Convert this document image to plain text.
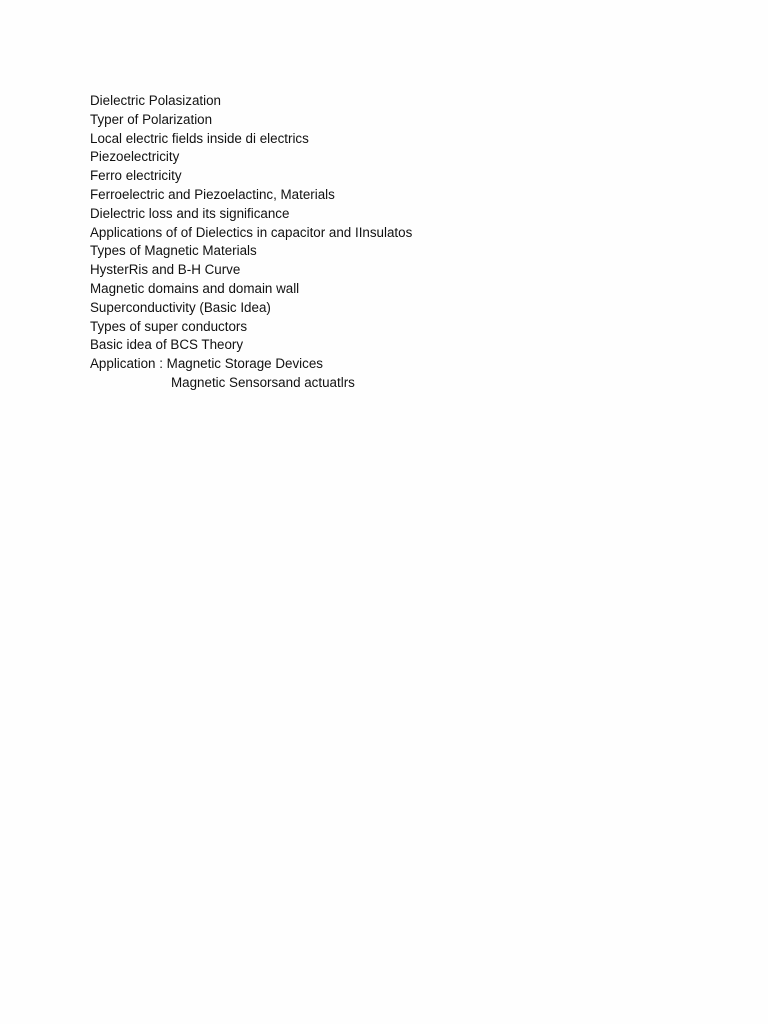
Dielectric Polasization
Typer of Polarization
Local electric fields inside di electrics
Piezoelectricity
Ferro electricity
Ferroelectric and Piezoelactinc, Materials
Dielectric loss and its significance
Applications of of Dielectics in capacitor and IInsulatos
Types of Magnetic Materials
HysterRis and B-H Curve
Magnetic domains and domain wall
Superconductivity (Basic Idea)
Types of super conductors
Basic idea of BCS Theory
Application : Magnetic Storage Devices
Magnetic Sensorsand actuatlrs
